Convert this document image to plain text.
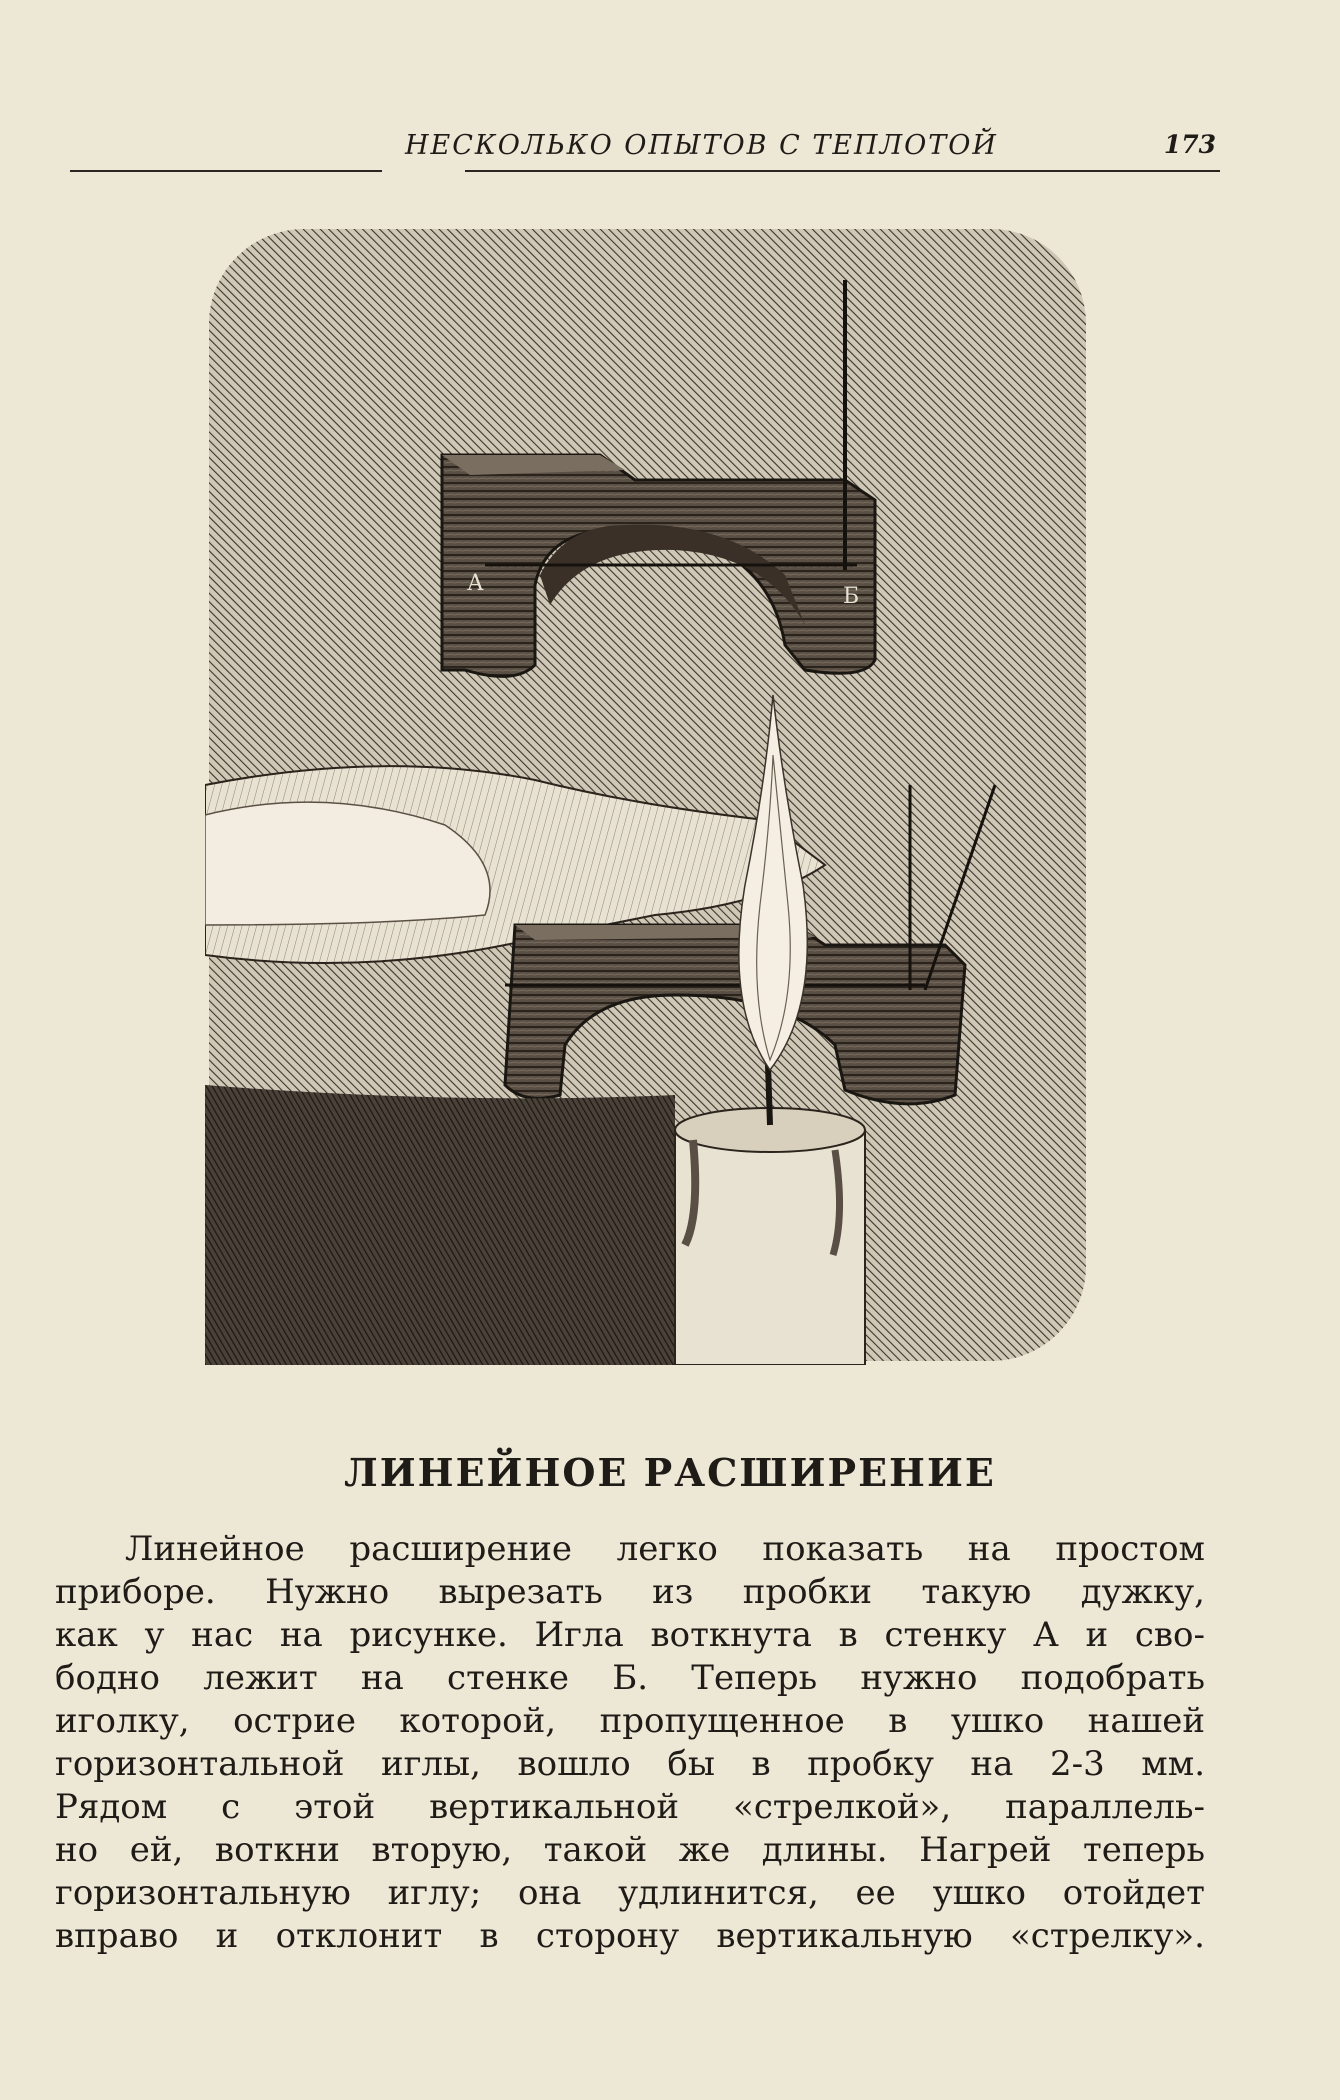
НЕСКОЛЬКО ОПЫТОВ С ТЕПЛОТОЙ	173
А
Б
ЛИНЕЙНОЕ РАСШИРЕНИЕ
Линейное расширение легко показать на простом
приборе. Нужно вырезать из пробки такую дужку,
как у нас на рисунке. Игла воткнута в стенку А и сво-
бодно лежит на стенке Б. Теперь нужно подобрать
иголку, острие которой, пропущенное в ушко нашей
горизонтальной иглы, вошло бы в пробку на 2-3 мм.
Рядом с этой вертикальной «стрелкой», параллель-
но ей, воткни вторую, такой же длины. Нагрей теперь
горизонтальную иглу; она удлинится, ее ушко отойдет
вправо и отклонит в сторону вертикальную «стрелку».
